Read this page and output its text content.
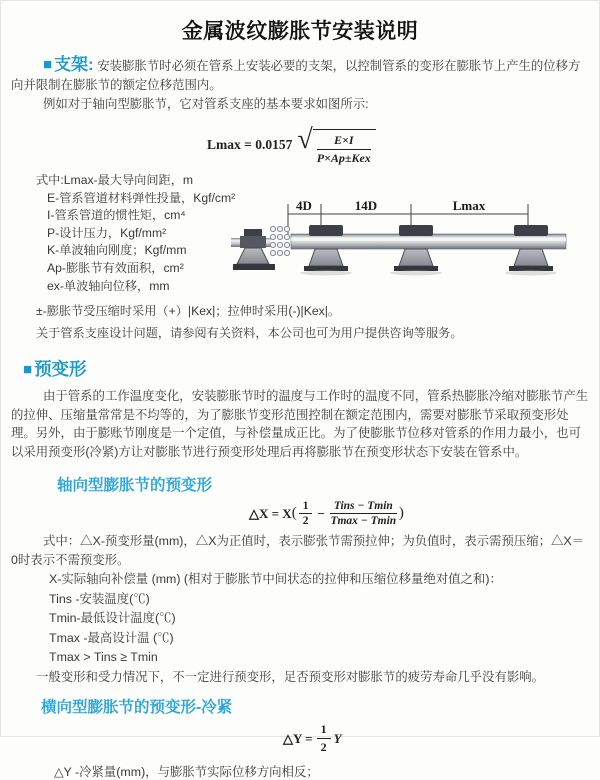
金属波纹膨胀节安装说明

■ 支架: 安装膨胀节时必须在管系上安装必要的支架，以控制管系的变形在膨胀节上产生的位移方向并限制在膨胀节的额定位移范围内。

例如对于轴向型膨胀节，它对管系支座的基本要求如图所示:

Lmax = 0.0157 √ $\frac{E\times I}{\text{P×Ap±Kex}}$

式中:Lmax-最大导向间距，m

E-管系管道材料弹性投量，Kgf/cm²

I-管系管道的惯性矩，cm⁴

P-设计压力，Kgf/mm²

K-单波轴向刚度；Kgf/mm

Ap-膨胀节有效面积，cm²

ex-单波轴向位移，mm

4D	14D	Lmax

±-膨胀节受压缩时采用（+）|Kex|；拉伸时采用(-)|Kex|。

关于管系支座设计问题，请参阅有关资料，本公司也可为用户提供咨询等服务。

■ 预变形

由于管系的工作温度变化，安装膨胀节时的温度与工作时的温度不同，管系热膨胀冷缩对膨胀节产生的拉伸、压缩量常常是不均等的，为了膨胀节变形范围控制在额定范围内，需要对膨胀节采取预变形处理。另外，由于膨账节刚度是一个定值，与补偿量成正比。为了使膨胀节位移对管系的作用力最小，也可以采用预变形(冷紧)方让对膨胀节进行预变形处理后再将膨胀节在预变形状态下安装在管系中。

轴向型膨胀节的预变形
△X = X ( $\frac{1}{2} - \frac{\text{Tins − Tmin}}{Tmax - Tmin}$ )

式中：△X-预变形量(mm)，△X为正值时，表示膨张节需预拉伸；为负值时，表示需预压缩；△X＝0时表示不需预变形。

X-实际轴向补偿量 (mm) (相对于膨胀节中间状态的拉伸和压缩位移量绝对值之和)：

Tins -安装温度(℃)

Tmin-最低设计温度(℃)

Tmax -最高设计温 (℃)

Tmax > Tins ≥ Tmin

一般变形和受力情况下，不一定进行预变形，足否预变形对膨胀节的疲劳寿命几乎没有影响。

横向型膨胀节的预变形-冷紧
△Y = $\frac{1}{2}$ Y

△Y -冷紧量(mm)，与膨胀节实际位移方向相反；
